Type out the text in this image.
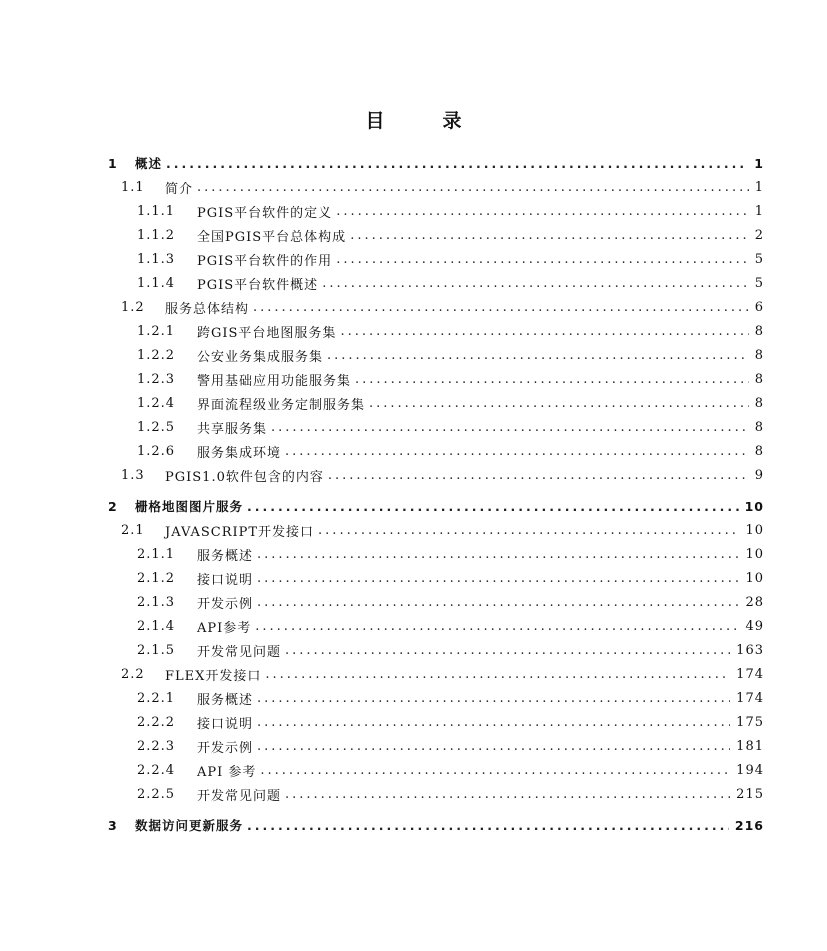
目	录
1	概述 .....	1
1.1	简介 .....	1
1.1.1	PGIS平台软件的定义 .....	1
1.1.2	全国PGIS平台总体构成 .....	2
1.1.3	PGIS平台软件的作用 .....	5
1.1.4	PGIS平台软件概述 .....	5
1.2	服务总体结构 .....	6
1.2.1	跨GIS平台地图服务集 .....	8
1.2.2	公安业务集成服务集 .....	8
1.2.3	警用基础应用功能服务集 .....	8
1.2.4	界面流程级业务定制服务集 .....	8
1.2.5	共享服务集 .....	8
1.2.6	服务集成环境 .....	8
1.3	PGIS1.0软件包含的内容 .....	9
2	栅格地图图片服务 .....	10
2.1	JAVASCRIPT开发接口 .....	10
2.1.1	服务概述 .....	10
2.1.2	接口说明 .....	10
2.1.3	开发示例 .....	28
2.1.4	API参考 .....	49
2.1.5	开发常见问题 .....	163
2.2	FLEX开发接口 .....	174
2.2.1	服务概述 .....	174
2.2.2	接口说明 .....	175
2.2.3	开发示例 .....	181
2.2.4	API 参考 .....	194
2.2.5	开发常见问题 .....	215
3	数据访问更新服务 .....	216
